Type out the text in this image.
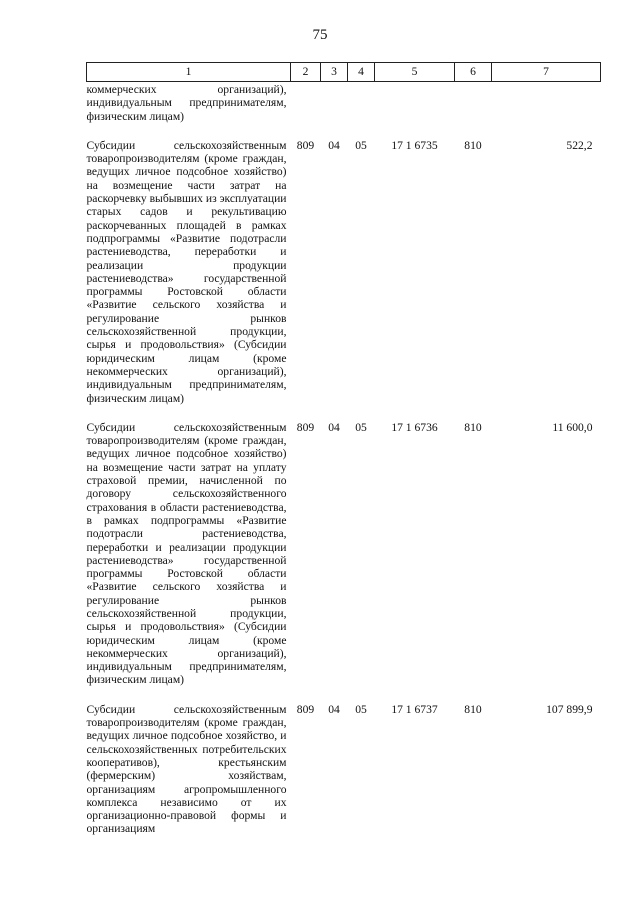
75
1	2	3	4	5	6	7
коммерческих организаций), индивидуальным предпринимателям, физическим лицам)						

Субсидии сельскохозяйственным товаропроизводителям (кроме граждан, ведущих личное подсобное хозяйство) на возмещение части затрат на раскорчевку выбывших из эксплуатации старых садов и рекультивацию раскорчеванных площадей в рамках подпрограммы «Развитие подотрасли растениеводства, переработки и реализации продукции растениеводства» государственной программы Ростовской области «Развитие сельского хозяйства и регулирование рынков сельскохозяйственной продукции, сырья и продовольствия» (Субсидии юридическим лицам (кроме некоммерческих организаций), индивидуальным предпринимателям, физическим лицам)	809	04	05	17 1 6735	810	522,2

Субсидии сельскохозяйственным товаропроизводителям (кроме граждан, ведущих личное подсобное хозяйство) на возмещение части затрат на уплату страховой премии, начисленной по договору сельскохозяйственного страхования в области растениеводства, в рамках подпрограммы «Развитие подотрасли растениеводства, переработки и реализации продукции растениеводства» государственной программы Ростовской области «Развитие сельского хозяйства и регулирование рынков сельскохозяйственной продукции, сырья и продовольствия» (Субсидии юридическим лицам (кроме некоммерческих организаций), индивидуальным предпринимателям, физическим лицам)	809	04	05	17 1 6736	810	11 600,0

Субсидии сельскохозяйственным товаропроизводителям (кроме граждан, ведущих личное подсобное хозяйство, и сельскохозяйственных потребительских кооперативов), крестьянским (фермерским) хозяйствам, организациям агропромышленного комплекса независимо от их организационно-правовой формы и организациям	809	04	05	17 1 6737	810	107 899,9
